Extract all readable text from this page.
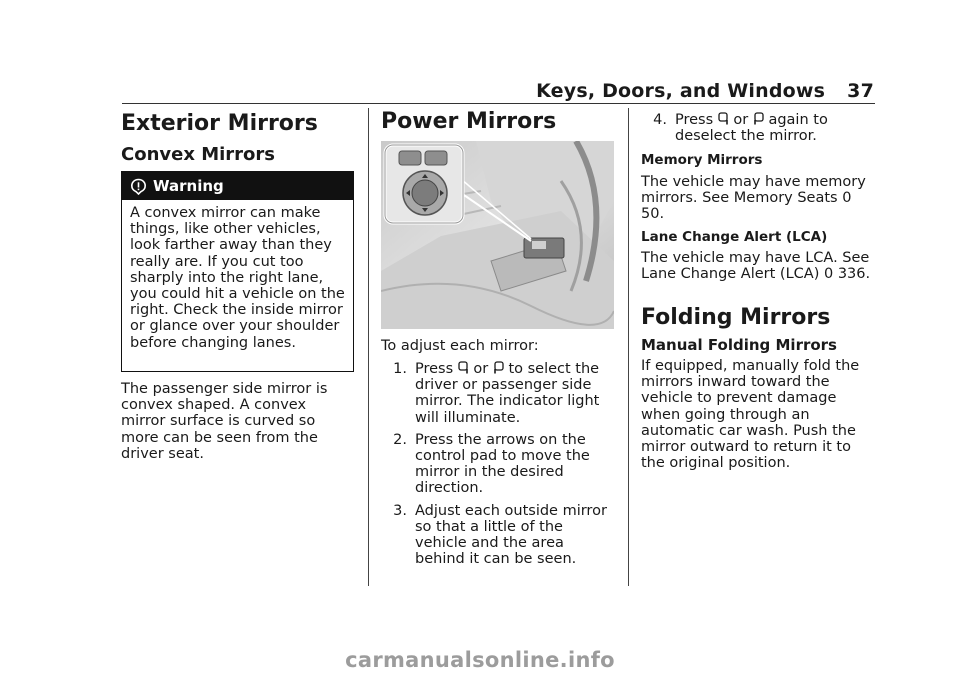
Keys, Doors, and Windows 37
Exterior Mirrors
Convex Mirrors
Warning
A convex mirror can make things, like other vehicles, look farther away than they really are. If you cut too sharply into the right lane, you could hit a vehicle on the right. Check the inside mirror or glance over your shoulder before changing lanes.
The passenger side mirror is convex shaped. A convex mirror surface is curved so more can be seen from the driver seat.
Power Mirrors
To adjust each mirror:
1. Press or to select the driver or passenger side mirror. The indicator light will illuminate.
2. Press the arrows on the control pad to move the mirror in the desired direction.
3. Adjust each outside mirror so that a little of the vehicle and the area behind it can be seen.
4. Press or again to deselect the mirror.
Memory Mirrors
The vehicle may have memory mirrors. See Memory Seats 0 50.
Lane Change Alert (LCA)
The vehicle may have LCA. See Lane Change Alert (LCA) 0 336.
Folding Mirrors
Manual Folding Mirrors
If equipped, manually fold the mirrors inward toward the vehicle to prevent damage when going through an automatic car wash. Push the mirror outward to return it to the original position.
carmanualsonline.info
